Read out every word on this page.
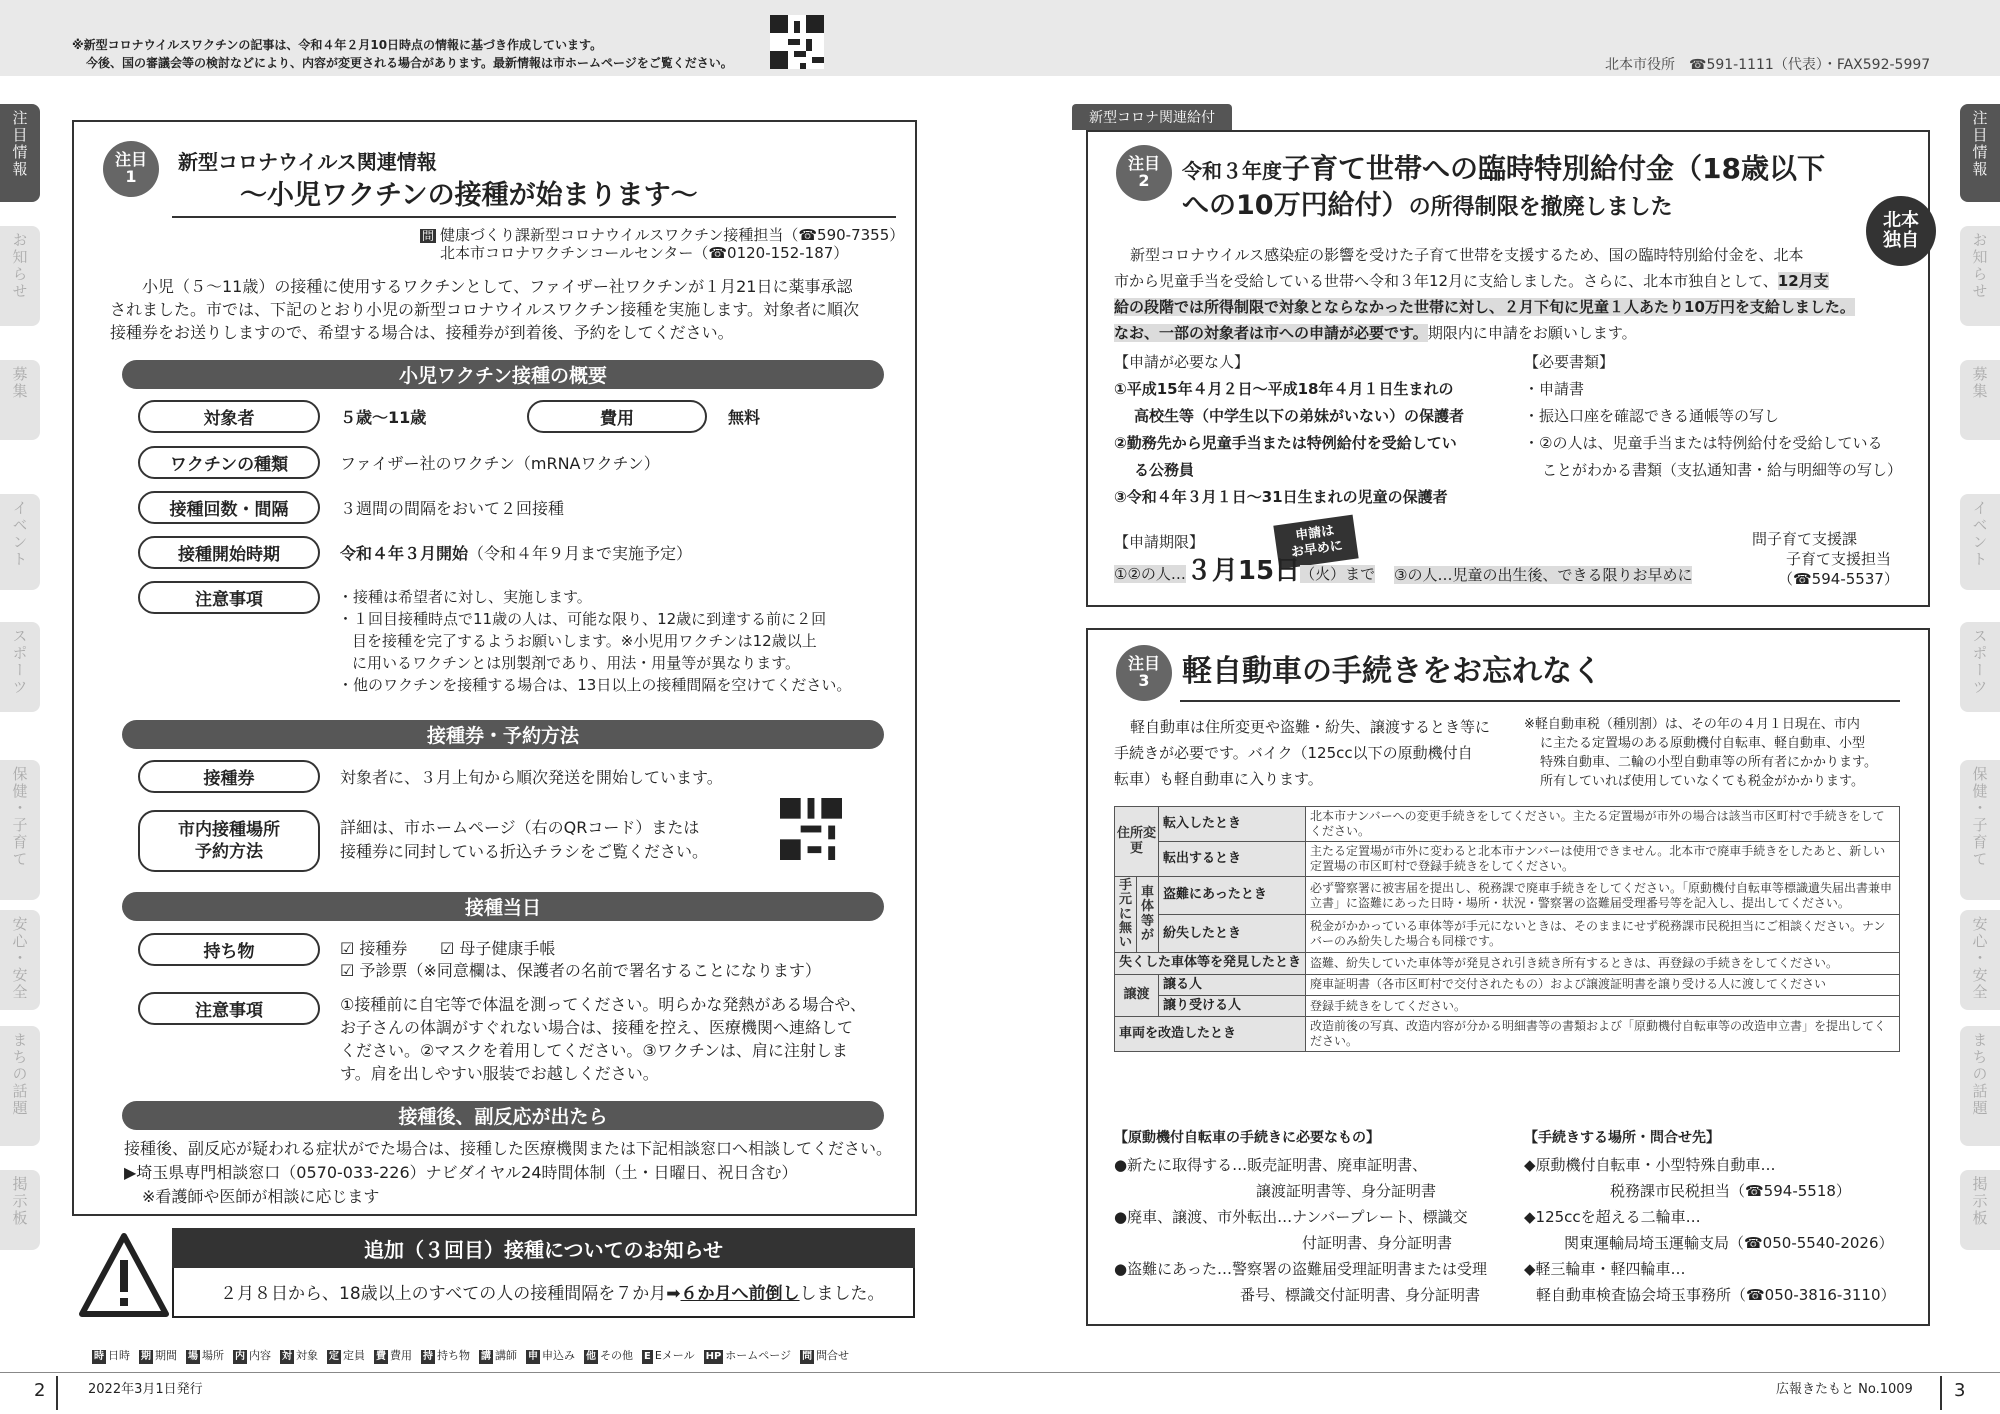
※新型コロナウイルスワクチンの記事は、令和４年２月10日時点の情報に基づき作成しています。
今後、国の審議会等の検討などにより、内容が変更される場合があります。最新情報は市ホームページをご覧ください。	北本市役所　☎591-1111（代表）・FAX592-5997
注目情報
お知らせ
募集
イベント
スポーツ
保健・子育て
安心・安全
まちの話題
掲示板
注目情報
お知らせ
募集
イベント
スポーツ
保健・子育て
安心・安全
まちの話題
掲示板
注目
1
新型コロナウイルス関連情報
～小児ワクチンの接種が始まります～
問 健康づくり課新型コロナウイルスワクチン接種担当（☎590-7355）
北本市コロナワクチンコールセンター（☎0120-152-187）
小児（５～11歳）の接種に使用するワクチンとして、ファイザー社ワクチンが１月21日に薬事承認
されました。市では、下記のとおり小児の新型コロナウイルスワクチン接種を実施します。対象者に順次
接種券をお送りしますので、希望する場合は、接種券が到着後、予約をしてください。
小児ワクチン接種の概要
対象者	５歳～11歳	費用	無料
ワクチンの種類	ファイザー社のワクチン（mRNAワクチン）
接種回数・間隔	３週間の間隔をおいて２回接種
接種開始時期	令和４年３月開始（令和４年９月まで実施予定）
注意事項	・接種は希望者に対し、実施します。
・１回目接種時点で11歳の人は、可能な限り、12歳に到達する前に２回
目を接種を完了するようお願いします。※小児用ワクチンは12歳以上
に用いるワクチンとは別製剤であり、用法・用量等が異なります。
・他のワクチンを接種する場合は、13日以上の接種間隔を空けてください。
接種券・予約方法
接種券	対象者に、３月上旬から順次発送を開始しています。
市内接種場所
予約方法
詳細は、市ホームページ（右のQRコード）または
接種券に同封している折込チラシをご覧ください。
接種当日
持ち物	☑ 接種券 ☑ 母子健康手帳
☑ 予診票（※同意欄は、保護者の名前で署名することになります）
注意事項	①接種前に自宅等で体温を測ってください。明らかな発熱がある場合や、
お子さんの体調がすぐれない場合は、接種を控え、医療機関へ連絡して
ください。②マスクを着用してください。③ワクチンは、肩に注射しま
す。肩を出しやすい服装でお越しください。
接種後、副反応が出たら
接種後、副反応が疑われる症状がでた場合は、接種した医療機関または下記相談窓口へ相談してください。
▶埼玉県専門相談窓口（0570-033-226）ナビダイヤル24時間体制（土・日曜日、祝日含む）
※看護師や医師が相談に応じます
追加（３回目）接種についてのお知らせ
２月８日から、18歳以上のすべての人の接種間隔を７か月➡６か月へ前倒ししました。
新型コロナ関連給付
注目
2 令和３年度子育て世帯への臨時特別給付金（18歳以下
への10万円給付）の所得制限を撤廃しました
北本
独自
新型コロナウイルス感染症の影響を受けた子育て世帯を支援するため、国の臨時特別給付金を、北本
市から児童手当を受給している世帯へ令和３年12月に支給しました。さらに、北本市独自として、12月支
給の段階では所得制限で対象とならなかった世帯に対し、２月下旬に児童１人あたり10万円を支給しました。
なお、一部の対象者は市への申請が必要です。期限内に申請をお願いします。
【申請が必要な人】
①平成15年４月２日～平成18年４月１日生まれの
高校生等（中学生以下の弟妹がいない）の保護者
②勤務先から児童手当または特例給付を受給してい
る公務員
③令和４年３月１日～31日生まれの児童の保護者
【必要書類】
・申請書
・振込口座を確認できる通帳等の写し
・②の人は、児童手当または特例給付を受給している
ことがわかる書類（支払通知書・給与明細等の写し）
【申請期限】	申請は
お早めに
①②の人…３月15日（火）まで ③の人…児童の出生後、できる限りお早めに
問子育て支援課
子育て支援担当
（☎594-5537）
注目
3 軽自動車の手続きをお忘れなく
軽自動車は住所変更や盗難・紛失、譲渡するとき等に
手続きが必要です。バイク（125cc以下の原動機付自
転車）も軽自動車に入ります。
※軽自動車税（種別割）は、その年の４月１日現在、市内
に主たる定置場のある原動機付自転車、軽自動車、小型
特殊自動車、二輪の小型自動車等の所有者にかかります。
所有していれば使用していなくても税金がかかります。
住所変更		転入したとき	北本市ナンバーへの変更手続きをしてください。主たる定置場が市外の場合は該当市区町村で手続きをしてください。
		転出するとき	主たる定置場が市外に変わると北本市ナンバーは使用できません。北本市で廃車手続きをしたあと、新しい定置場の市区町村で登録手続きをしてください。
手元に無い	車体等が	盗難にあったとき	必ず警察署に被害届を提出し、税務課で廃車手続きをしてください。「原動機付自転車等標識遺失届出書兼申立書」に盗難にあった日時・場所・状況・警察署の盗難届受理番号等を記入し、提出してください。
		紛失したとき	税金がかかっている車体等が手元にないときは、そのままにせず税務課市民税担当にご相談ください。ナンバーのみ紛失した場合も同様です。
失くした車体等を発見したとき			盗難、紛失していた車体等が発見され引き続き所有するときは、再登録の手続きをしてください。
譲渡		譲る人	廃車証明書（各市区町村で交付されたもの）および譲渡証明書を譲り受ける人に渡してください
		譲り受ける人	登録手続きをしてください。
車両を改造したとき			改造前後の写真、改造内容が分かる明細書等の書類および「原動機付自転車等の改造申立書」を提出してください。
【原動機付自転車の手続きに必要なもの】
●新たに取得する…販売証明書、廃車証明書、
譲渡証明書等、身分証明書
●廃車、譲渡、市外転出…ナンバープレート、標識交
付証明書、身分証明書
●盗難にあった…警察署の盗難届受理証明書または受理
番号、標識交付証明書、身分証明書
【手続きする場所・問合せ先】
◆原動機付自転車・小型特殊自動車…
税務課市民税担当（☎594-5518）
◆125ccを超える二輪車…
関東運輸局埼玉運輸支局（☎050-5540-2026）
◆軽三輪車・軽四輪車…
軽自動車検査協会埼玉事務所（☎050-3816-3110）
時 日時 期 期間 場 場所 内 内容 対 対象 定 定員 費 費用 持 持ち物 講 講師 申 申込み 他 その他 E Eメール HP ホームページ 問 問合せ
2	2022年3月1日発行	広報きたもと No.1009 3
